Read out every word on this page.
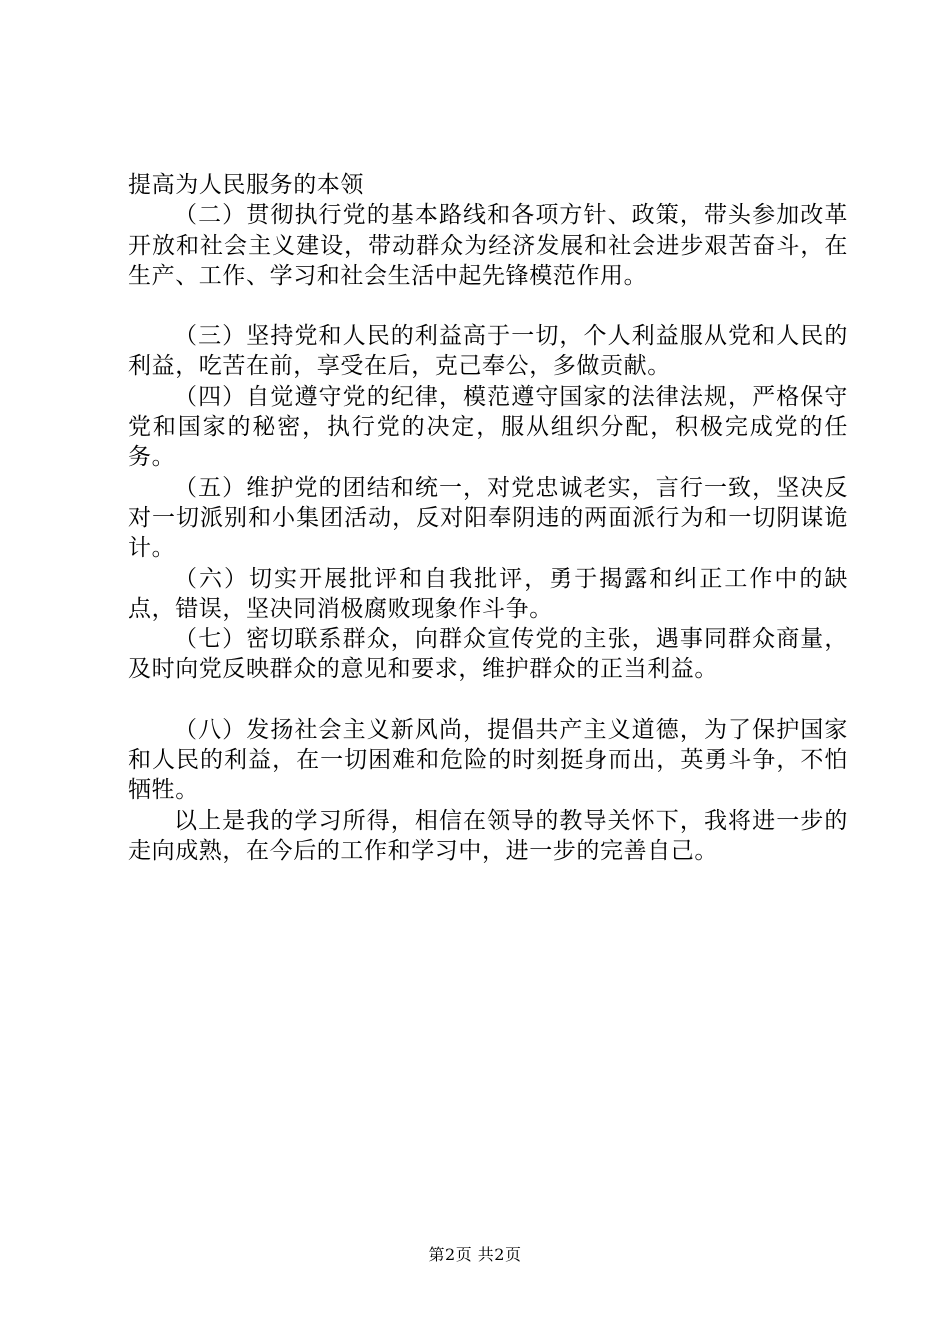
提高为人民服务的本领

（二）贯彻执行党的基本路线和各项方针、政策，带头参加改革开放和社会主义建设，带动群众为经济发展和社会进步艰苦奋斗，在生产、工作、学习和社会生活中起先锋模范作用。

（三）坚持党和人民的利益高于一切，个人利益服从党和人民的利益，吃苦在前，享受在后，克己奉公，多做贡献。

（四）自觉遵守党的纪律，模范遵守国家的法律法规，严格保守党和国家的秘密，执行党的决定，服从组织分配，积极完成党的任务。

（五）维护党的团结和统一，对党忠诚老实，言行一致，坚决反对一切派别和小集团活动，反对阳奉阴违的两面派行为和一切阴谋诡计。

（六）切实开展批评和自我批评，勇于揭露和纠正工作中的缺点，错误，坚决同消极腐败现象作斗争。

（七）密切联系群众，向群众宣传党的主张，遇事同群众商量，及时向党反映群众的意见和要求，维护群众的正当利益。

（八）发扬社会主义新风尚，提倡共产主义道德，为了保护国家和人民的利益，在一切困难和危险的时刻挺身而出，英勇斗争，不怕牺牲。

以上是我的学习所得，相信在领导的教导关怀下，我将进一步的走向成熟，在今后的工作和学习中，进一步的完善自己。

第2页 共2页
